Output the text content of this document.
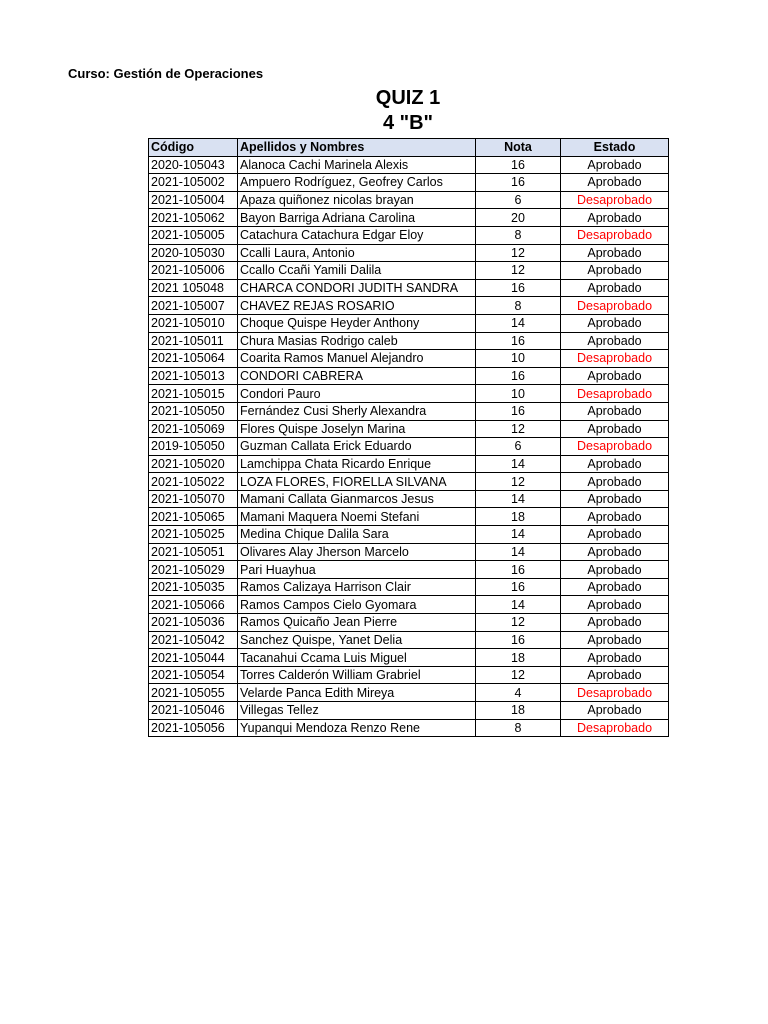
Curso: Gestión de Operaciones
QUIZ 1
4 "B"
Código	Apellidos y Nombres	Nota	Estado
2020-105043	Alanoca Cachi Marinela Alexis	16	Aprobado
2021-105002	Ampuero Rodríguez, Geofrey Carlos	16	Aprobado
2021-105004	Apaza quiñonez nicolas brayan	6	Desaprobado
2021-105062	Bayon Barriga Adriana Carolina	20	Aprobado
2021-105005	Catachura Catachura Edgar Eloy	8	Desaprobado
2020-105030	Ccalli Laura, Antonio	12	Aprobado
2021-105006	Ccallo Ccañi Yamili Dalila	12	Aprobado
2021 105048	CHARCA CONDORI JUDITH SANDRA	16	Aprobado
2021-105007	CHAVEZ REJAS ROSARIO	8	Desaprobado
2021-105010	Choque Quispe Heyder Anthony	14	Aprobado
2021-105011	Chura Masias Rodrigo caleb	16	Aprobado
2021-105064	Coarita Ramos Manuel Alejandro	10	Desaprobado
2021-105013	CONDORI CABRERA	16	Aprobado
2021-105015	Condori Pauro	10	Desaprobado
2021-105050	Fernández Cusi Sherly Alexandra	16	Aprobado
2021-105069	Flores Quispe Joselyn Marina	12	Aprobado
2019-105050	Guzman Callata Erick Eduardo	6	Desaprobado
2021-105020	Lamchippa Chata Ricardo Enrique	14	Aprobado
2021-105022	LOZA FLORES, FIORELLA SILVANA	12	Aprobado
2021-105070	Mamani Callata Gianmarcos Jesus	14	Aprobado
2021-105065	Mamani Maquera Noemi Stefani	18	Aprobado
2021-105025	Medina Chique Dalila Sara	14	Aprobado
2021-105051	Olivares Alay Jherson Marcelo	14	Aprobado
2021-105029	Pari Huayhua	16	Aprobado
2021-105035	Ramos Calizaya Harrison Clair	16	Aprobado
2021-105066	Ramos Campos Cielo Gyomara	14	Aprobado
2021-105036	Ramos Quicaño Jean Pierre	12	Aprobado
2021-105042	Sanchez Quispe, Yanet Delia	16	Aprobado
2021-105044	Tacanahui Ccama Luis Miguel	18	Aprobado
2021-105054	Torres Calderón William Grabriel	12	Aprobado
2021-105055	Velarde Panca Edith Mireya	4	Desaprobado
2021-105046	Villegas Tellez	18	Aprobado
2021-105056	Yupanqui Mendoza Renzo Rene	8	Desaprobado
